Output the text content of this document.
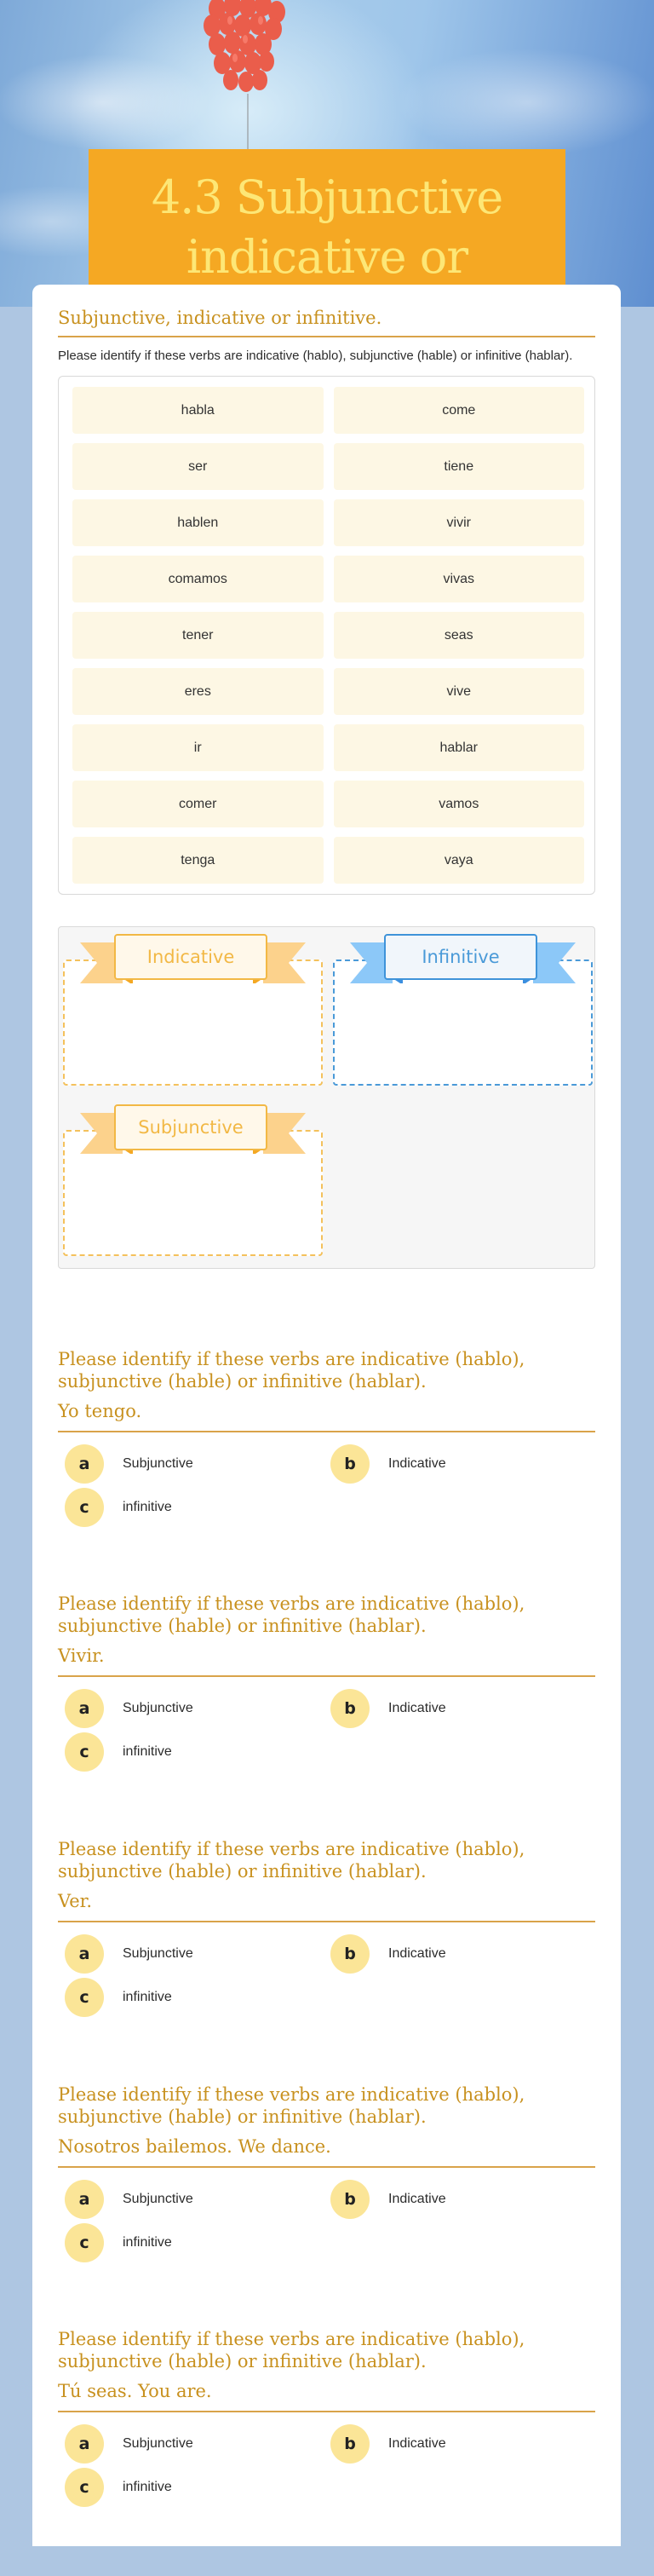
4.3 Subjunctive indicative or
Subjunctive, indicative or infinitive.
Please identify if these verbs are indicative (hablo), subjunctive (hable) or infinitive (hablar).
habla	come
ser	tiene
hablen	vivir
comamos	vivas
tener	seas
eres	vive
ir	hablar
comer	vamos
tenga	vaya
Indicative	Infinitive
Subjunctive
Please identify if these verbs are indicative (hablo), subjunctive (hable) or infinitive (hablar).
Yo tengo.
a	Subjunctive	b	Indicative
c	infinitive
Please identify if these verbs are indicative (hablo), subjunctive (hable) or infinitive (hablar).
Vivir.
a	Subjunctive	b	Indicative
c	infinitive
Please identify if these verbs are indicative (hablo), subjunctive (hable) or infinitive (hablar).
Ver.
a	Subjunctive	b	Indicative
c	infinitive
Please identify if these verbs are indicative (hablo), subjunctive (hable) or infinitive (hablar).
Nosotros bailemos. We dance.
a	Subjunctive	b	Indicative
c	infinitive
Please identify if these verbs are indicative (hablo), subjunctive (hable) or infinitive (hablar).
Tú seas. You are.
a	Subjunctive	b	Indicative
c	infinitive
